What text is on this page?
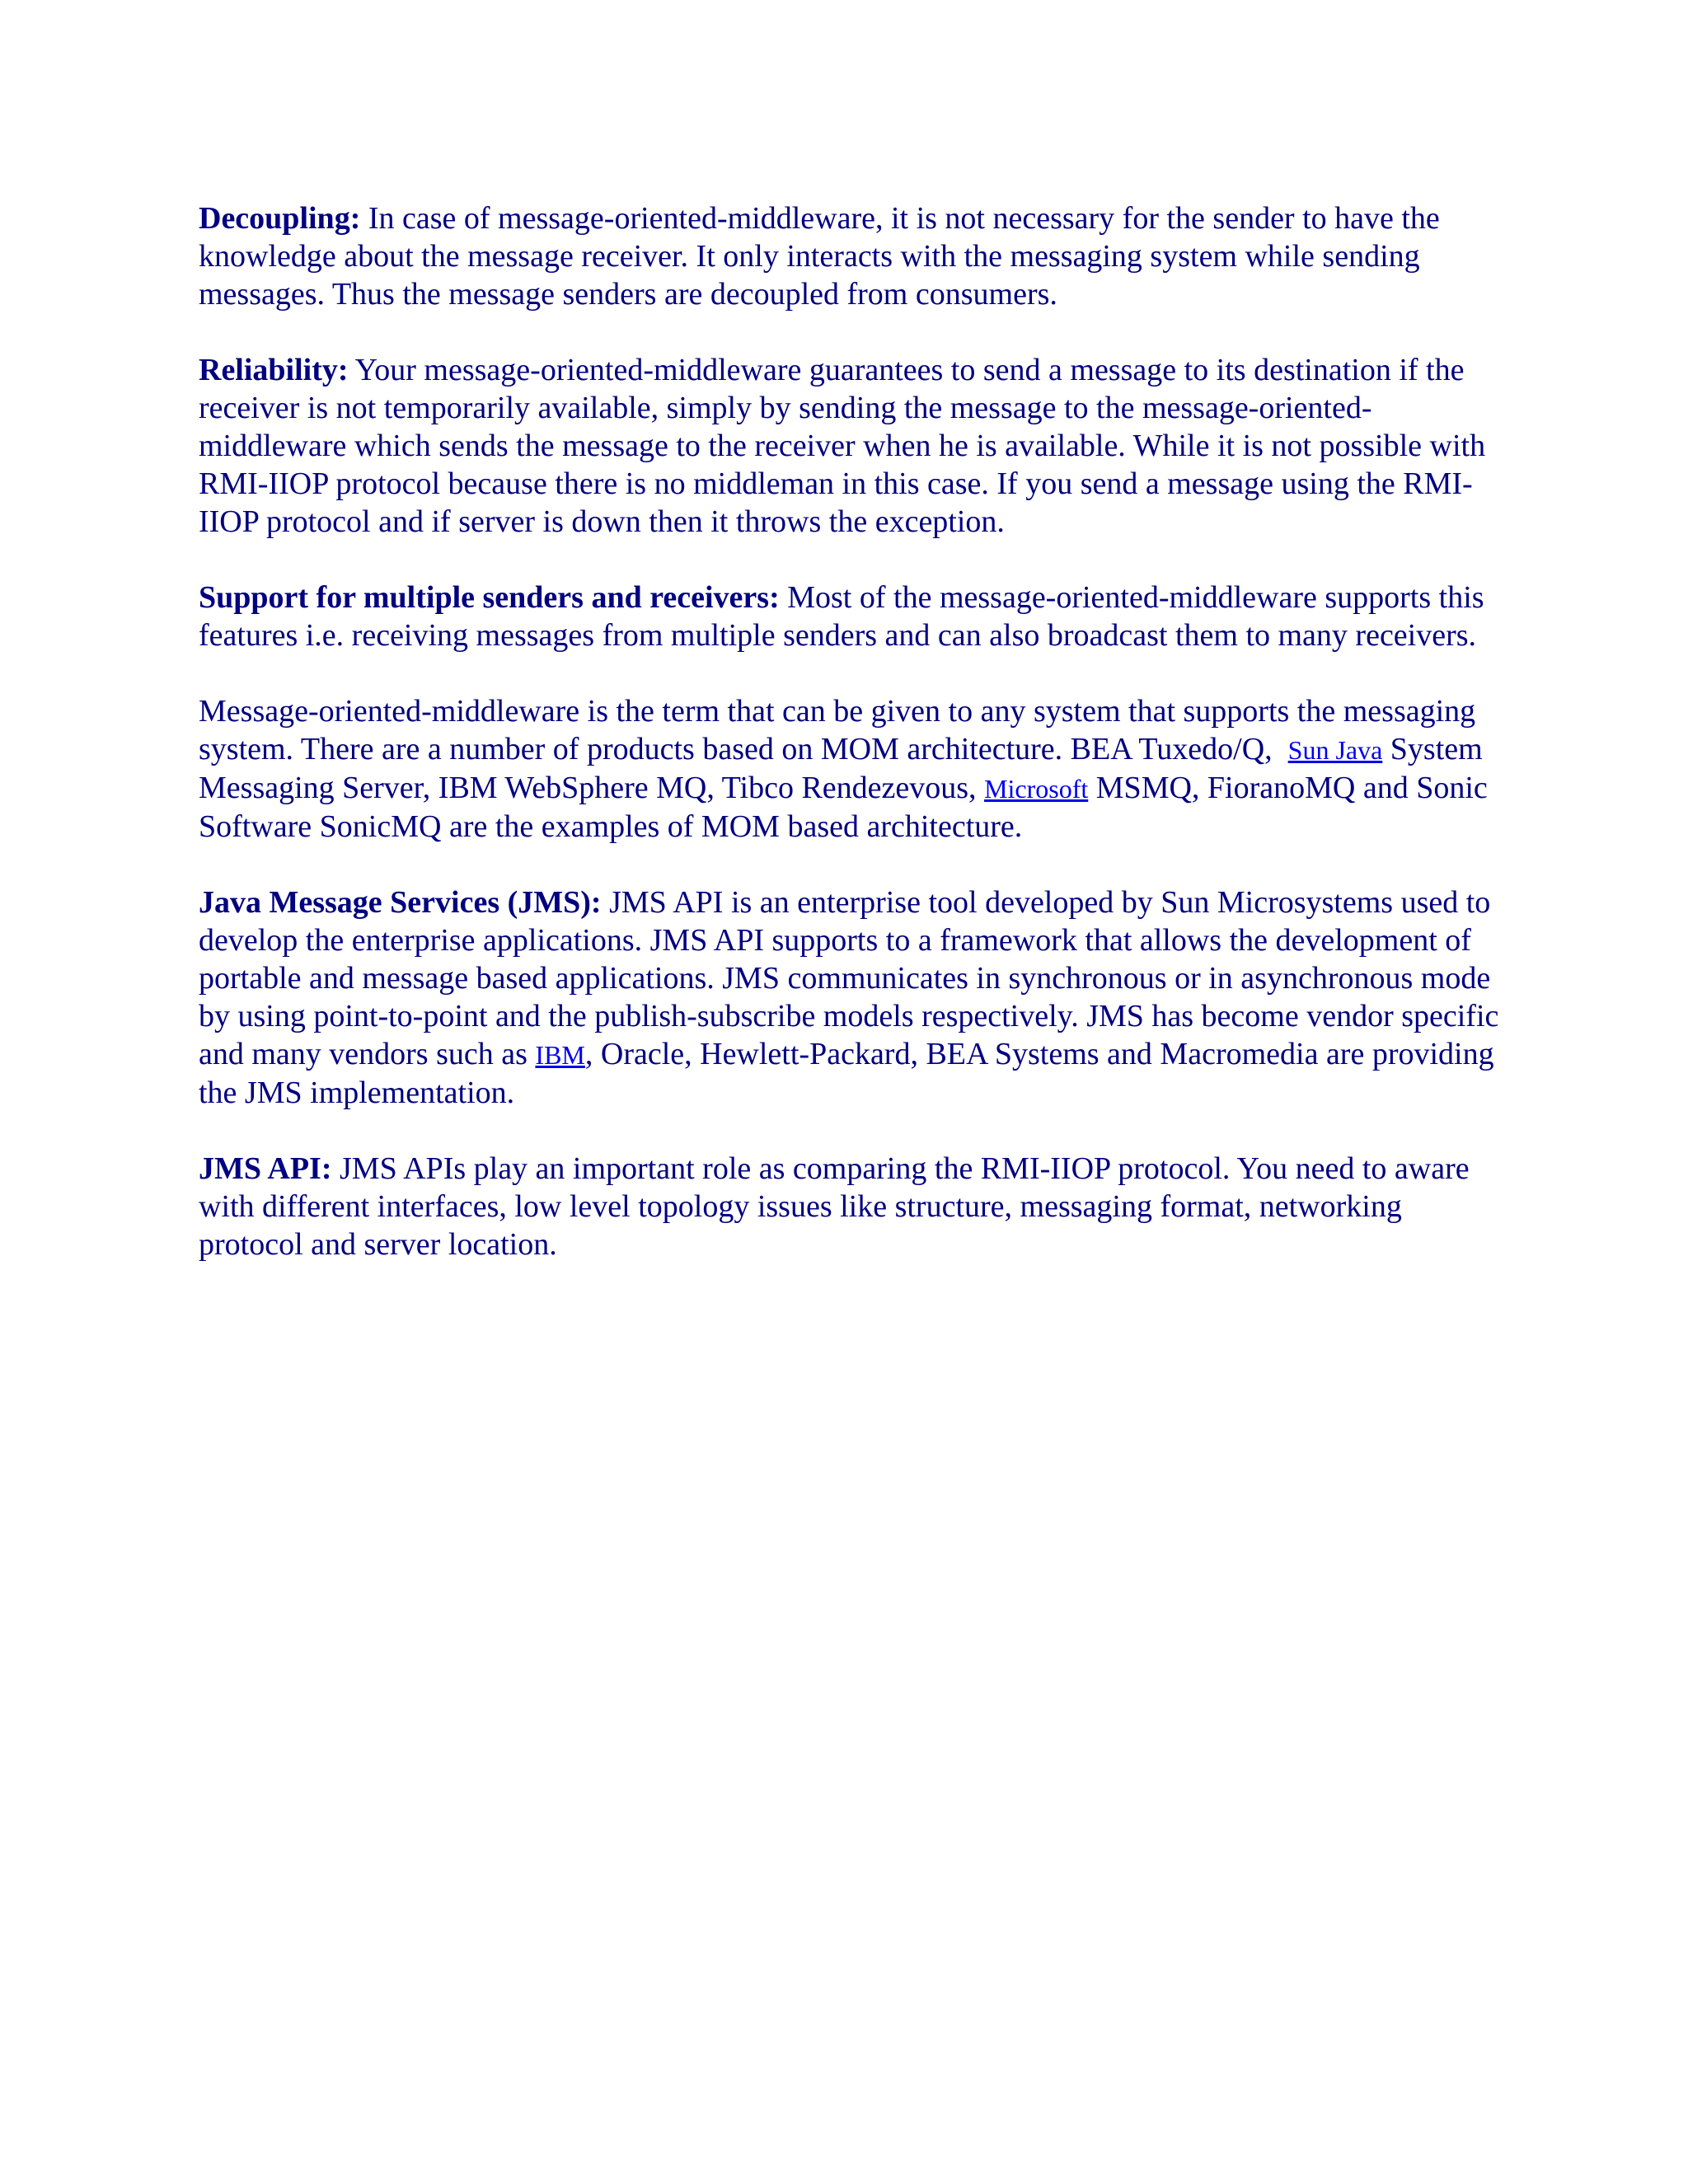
Decoupling: In case of message-oriented-middleware, it is not necessary for the sender to have the knowledge about the message receiver. It only interacts with the messaging system while sending messages. Thus the message senders are decoupled from consumers.

Reliability: Your message-oriented-middleware guarantees to send a message to its destination if the receiver is not temporarily available, simply by sending the message to the message-oriented-middleware which sends the message to the receiver when he is available. While it is not possible with RMI-IIOP protocol because there is no middleman in this case. If you send a message using the RMI-IIOP protocol and if server is down then it throws the exception.

Support for multiple senders and receivers: Most of the message-oriented-middleware supports this features i.e. receiving messages from multiple senders and can also broadcast them to many receivers.

Message-oriented-middleware is the term that can be given to any system that supports the messaging system. There are a number of products based on MOM architecture. BEA Tuxedo/Q,  Sun Java System Messaging Server, IBM WebSphere MQ, Tibco Rendezevous, Microsoft MSMQ, FioranoMQ and Sonic Software SonicMQ are the examples of MOM based architecture.

Java Message Services (JMS): JMS API is an enterprise tool developed by Sun Microsystems used to develop the enterprise applications. JMS API supports to a framework that allows the development of portable and message based applications. JMS communicates in synchronous or in asynchronous mode by using point-to-point and the publish-subscribe models respectively. JMS has become vendor specific and many vendors such as IBM, Oracle, Hewlett-Packard, BEA Systems and Macromedia are providing the JMS implementation.

JMS API: JMS APIs play an important role as comparing the RMI-IIOP protocol. You need to aware with different interfaces, low level topology issues like structure, messaging format, networking protocol and server location.
